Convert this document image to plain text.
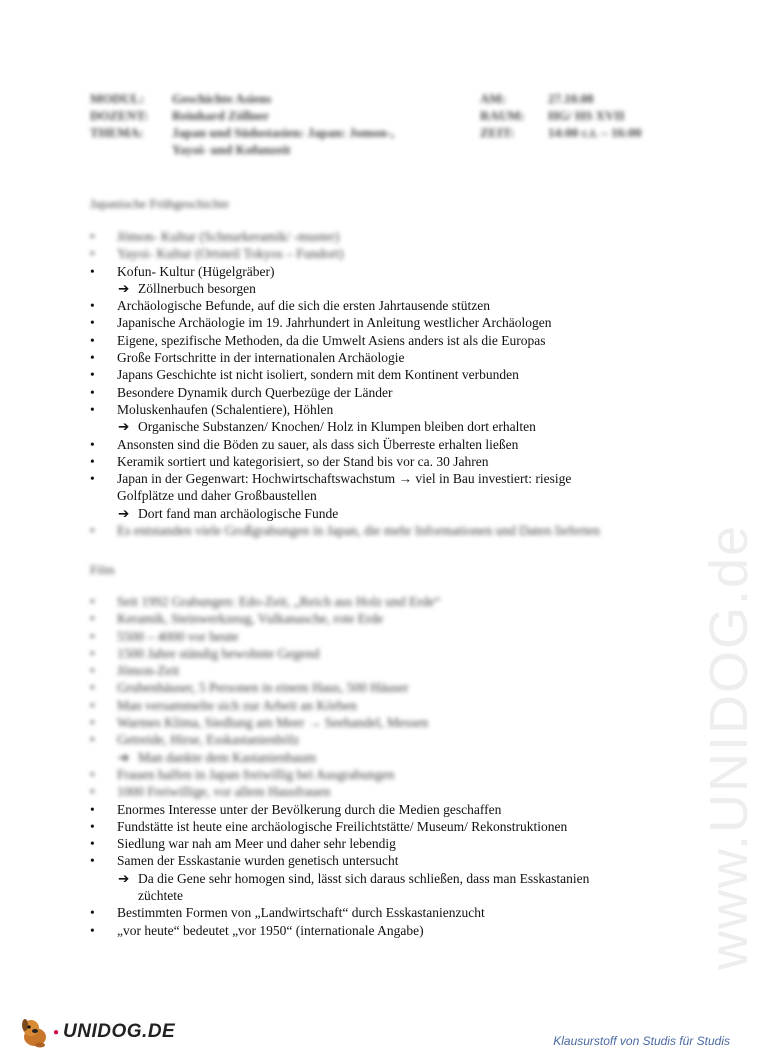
www.UNIDOG.de
MODUL:	Geschichte Asiens	AM:	27.10.08
DOZENT:	Reinhard Zöllner	RAUM:	HG/ HS XVII
THEMA:	Japan und Südostasien: Japan: Jomon-,	ZEIT:	14:00 c.t. – 16:00
Yayoi- und Kofunzeit
Japanische Frühgeschichte
• Jōmon- Kultur (Schnurkeramik/ -muster)
• Yayoi- Kultur (Ortsteil Tokyos – Fundort)
• Kofun- Kultur (Hügelgräber)
➔ Zöllnerbuch besorgen
• Archäologische Befunde, auf die sich die ersten Jahrtausende stützen
• Japanische Archäologie im 19. Jahrhundert in Anleitung westlicher Archäologen
• Eigene, spezifische Methoden, da die Umwelt Asiens anders ist als die Europas
• Große Fortschritte in der internationalen Archäologie
• Japans Geschichte ist nicht isoliert, sondern mit dem Kontinent verbunden
• Besondere Dynamik durch Querbezüge der Länder
• Moluskenhaufen (Schalentiere), Höhlen
➔ Organische Substanzen/ Knochen/ Holz in Klumpen bleiben dort erhalten
• Ansonsten sind die Böden zu sauer, als dass sich Überreste erhalten ließen
• Keramik sortiert und kategorisiert, so der Stand bis vor ca. 30 Jahren
• Japan in der Gegenwart: Hochwirtschaftswachstum → viel in Bau investiert: riesige
Golfplätze und daher Großbaustellen
➔ Dort fand man archäologische Funde
• Es entstanden viele Großgrabungen in Japan, die mehr Informationen und Daten lieferten
Film
• Seit 1992 Grabungen: Edo-Zeit, „Reich aus Holz und Erde“
• Keramik, Steinwerkzeug, Vulkanasche, rote Erde
• 5500 – 4000 vor heute
• 1500 Jahre ständig bewohnte Gegend
• Jōmon-Zeit
• Grubenhäuser, 5 Personen in einem Haus, 500 Häuser
• Man versammelte sich zur Arbeit an Körben
• Warmes Klima, Siedlung am Meer → Seehandel, Messen
• Getreide, Hirse, Esskastanienhölz
➔ Man dankte dem Kastanienbaum
• Frauen halfen in Japan freiwillig bei Ausgrabungen
• 1000 Freiwillige, vor allem Hausfrauen
• Enormes Interesse unter der Bevölkerung durch die Medien geschaffen
• Fundstätte ist heute eine archäologische Freilichtstätte/ Museum/ Rekonstruktionen
• Siedlung war nah am Meer und daher sehr lebendig
• Samen der Esskastanie wurden genetisch untersucht
➔ Da die Gene sehr homogen sind, lässt sich daraus schließen, dass man Esskastanien
züchtete
• Bestimmten Formen von „Landwirtschaft“ durch Esskastanienzucht
• „vor heute“ bedeutet „vor 1950“ (internationale Angabe)
● UNIDOG.DE	Klausurstoff von Studis für Studis
